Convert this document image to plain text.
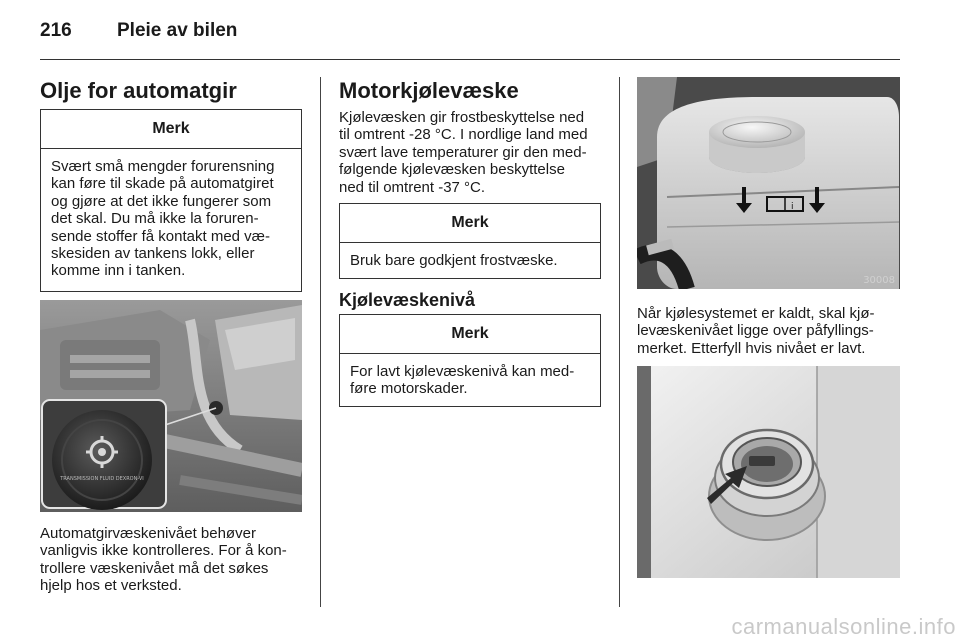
216 Pleie av bilen
Olje for automatgir
Merk
Svært små mengder forurensning
kan føre til skade på automatgiret
og gjøre at det ikke fungerer som
det skal. Du må ikke la foruren-
sende stoffer få kontakt med væ-
skesiden av tankens lokk, eller
komme inn i tanken.
TRANSMISSION FLUID DEXRON-VI
Automatgirvæskenivået behøver
vanligvis ikke kontrolleres. For å kon-
trollere væskenivået må det søkes
hjelp hos et verksted.
Motorkjølevæske
Kjølevæsken gir frostbeskyttelse ned
til omtrent -28 °C. I nordlige land med
svært lave temperaturer gir den med-
følgende kjølevæsken beskyttelse
ned til omtrent -37 °C.
Merk
Bruk bare godkjent frostvæske.
Kjølevæskenivå
Merk
For lavt kjølevæskenivå kan med-
føre motorskader.
i
30008
Når kjølesystemet er kaldt, skal kjø-
levæskenivået ligge over påfyllings-
merket. Etterfyll hvis nivået er lavt.
carmanualsonline.info
